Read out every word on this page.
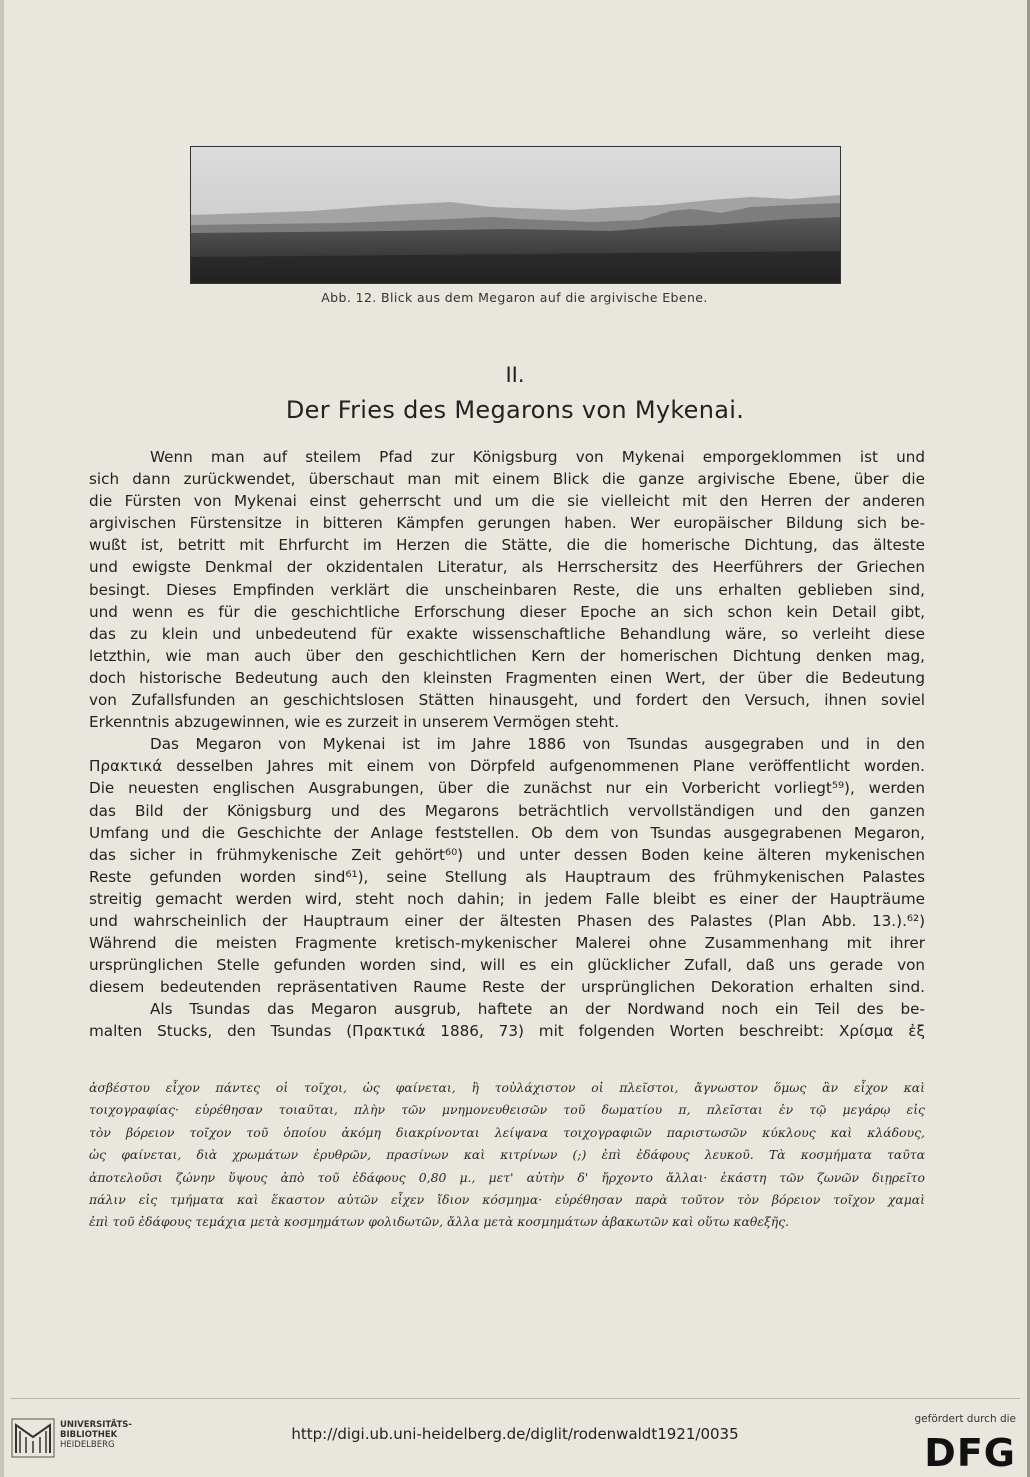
Abb. 12. Blick aus dem Megaron auf die argivische Ebene.
II.
Der Fries des Megarons von Mykenai.
Wenn man auf steilem Pfad zur Königsburg von Mykenai emporgeklommen ist und
sich dann zurückwendet, überschaut man mit einem Blick die ganze argivische Ebene, über die
die Fürsten von Mykenai einst geherrscht und um die sie vielleicht mit den Herren der anderen
argivischen Fürstensitze in bitteren Kämpfen gerungen haben. Wer europäischer Bildung sich be-
wußt ist, betritt mit Ehrfurcht im Herzen die Stätte, die die homerische Dichtung, das älteste
und ewigste Denkmal der okzidentalen Literatur, als Herrschersitz des Heerführers der Griechen
besingt. Dieses Empfinden verklärt die unscheinbaren Reste, die uns erhalten geblieben sind,
und wenn es für die geschichtliche Erforschung dieser Epoche an sich schon kein Detail gibt,
das zu klein und unbedeutend für exakte wissenschaftliche Behandlung wäre, so verleiht diese
letzthin, wie man auch über den geschichtlichen Kern der homerischen Dichtung denken mag,
doch historische Bedeutung auch den kleinsten Fragmenten einen Wert, der über die Bedeutung
von Zufallsfunden an geschichtslosen Stätten hinausgeht, und fordert den Versuch, ihnen soviel
Erkenntnis abzugewinnen, wie es zurzeit in unserem Vermögen steht.
Das Megaron von Mykenai ist im Jahre 1886 von Tsundas ausgegraben und in den
Πρακτικά desselben Jahres mit einem von Dörpfeld aufgenommenen Plane veröffentlicht worden.
Die neuesten englischen Ausgrabungen, über die zunächst nur ein Vorbericht vorliegt⁵⁹), werden
das Bild der Königsburg und des Megarons beträchtlich vervollständigen und den ganzen
Umfang und die Geschichte der Anlage feststellen. Ob dem von Tsundas ausgegrabenen Megaron,
das sicher in frühmykenische Zeit gehört⁶⁰) und unter dessen Boden keine älteren mykenischen
Reste gefunden worden sind⁶¹), seine Stellung als Hauptraum des frühmykenischen Palastes
streitig gemacht werden wird, steht noch dahin; in jedem Falle bleibt es einer der Haupträume
und wahrscheinlich der Hauptraum einer der ältesten Phasen des Palastes (Plan Abb. 13.).⁶²)
Während die meisten Fragmente kretisch-mykenischer Malerei ohne Zusammenhang mit ihrer
ursprünglichen Stelle gefunden worden sind, will es ein glücklicher Zufall, daß uns gerade von
diesem bedeutenden repräsentativen Raume Reste der ursprünglichen Dekoration erhalten sind.
Als Tsundas das Megaron ausgrub, haftete an der Nordwand noch ein Teil des be-
malten Stucks, den Tsundas (Πρακτικά 1886, 73) mit folgenden Worten beschreibt: Χρίσμα ἐξ
ἀσβέστου εἶχον πάντες οἱ τοῖχοι, ὡς φαίνεται, ἢ τοὐλάχιστον οἱ πλεῖστοι, ἄγνωστον ὅμως ἂν εἶχον καὶ
τοιχογραφίας· εὑρέθησαν τοιαῦται, πλὴν τῶν μνημονευθεισῶν τοῦ δωματίου π, πλεῖσται ἐν τῷ μεγάρῳ εἰς
τὸν βόρειον τοῖχον τοῦ ὁποίου ἀκόμη διακρίνονται λείψανα τοιχογραφιῶν παριστωσῶν κύκλους καὶ κλάδους,
ὡς φαίνεται, διὰ χρωμάτων ἐρυθρῶν, πρασίνων καὶ κιτρίνων (;) ἐπὶ ἐδάφους λευκοῦ. Τὰ κοσμήματα ταῦτα
ἀποτελοῦσι ζώνην ὕψους ἀπὸ τοῦ ἐδάφους 0,80 μ., μετ' αὐτὴν δ' ἤρχοντο ἄλλαι· ἑκάστη τῶν ζωνῶν διῃρεῖτο
πάλιν εἰς τμήματα καὶ ἕκαστον αὐτῶν εἶχεν ἴδιον κόσμημα· εὑρέθησαν παρὰ τοῦτον τὸν βόρειον τοῖχον χαμαὶ
ἐπὶ τοῦ ἐδάφους τεμάχια μετὰ κοσμημάτων φολιδωτῶν, ἄλλα μετὰ κοσμημάτων ἀβακωτῶν καὶ οὕτω καθεξῆς.
UNIVERSITÄTS-
BIBLIOTHEK
HEIDELBERG
http://digi.ub.uni-heidelberg.de/diglit/rodenwaldt1921/0035
gefördert durch die
DFG
